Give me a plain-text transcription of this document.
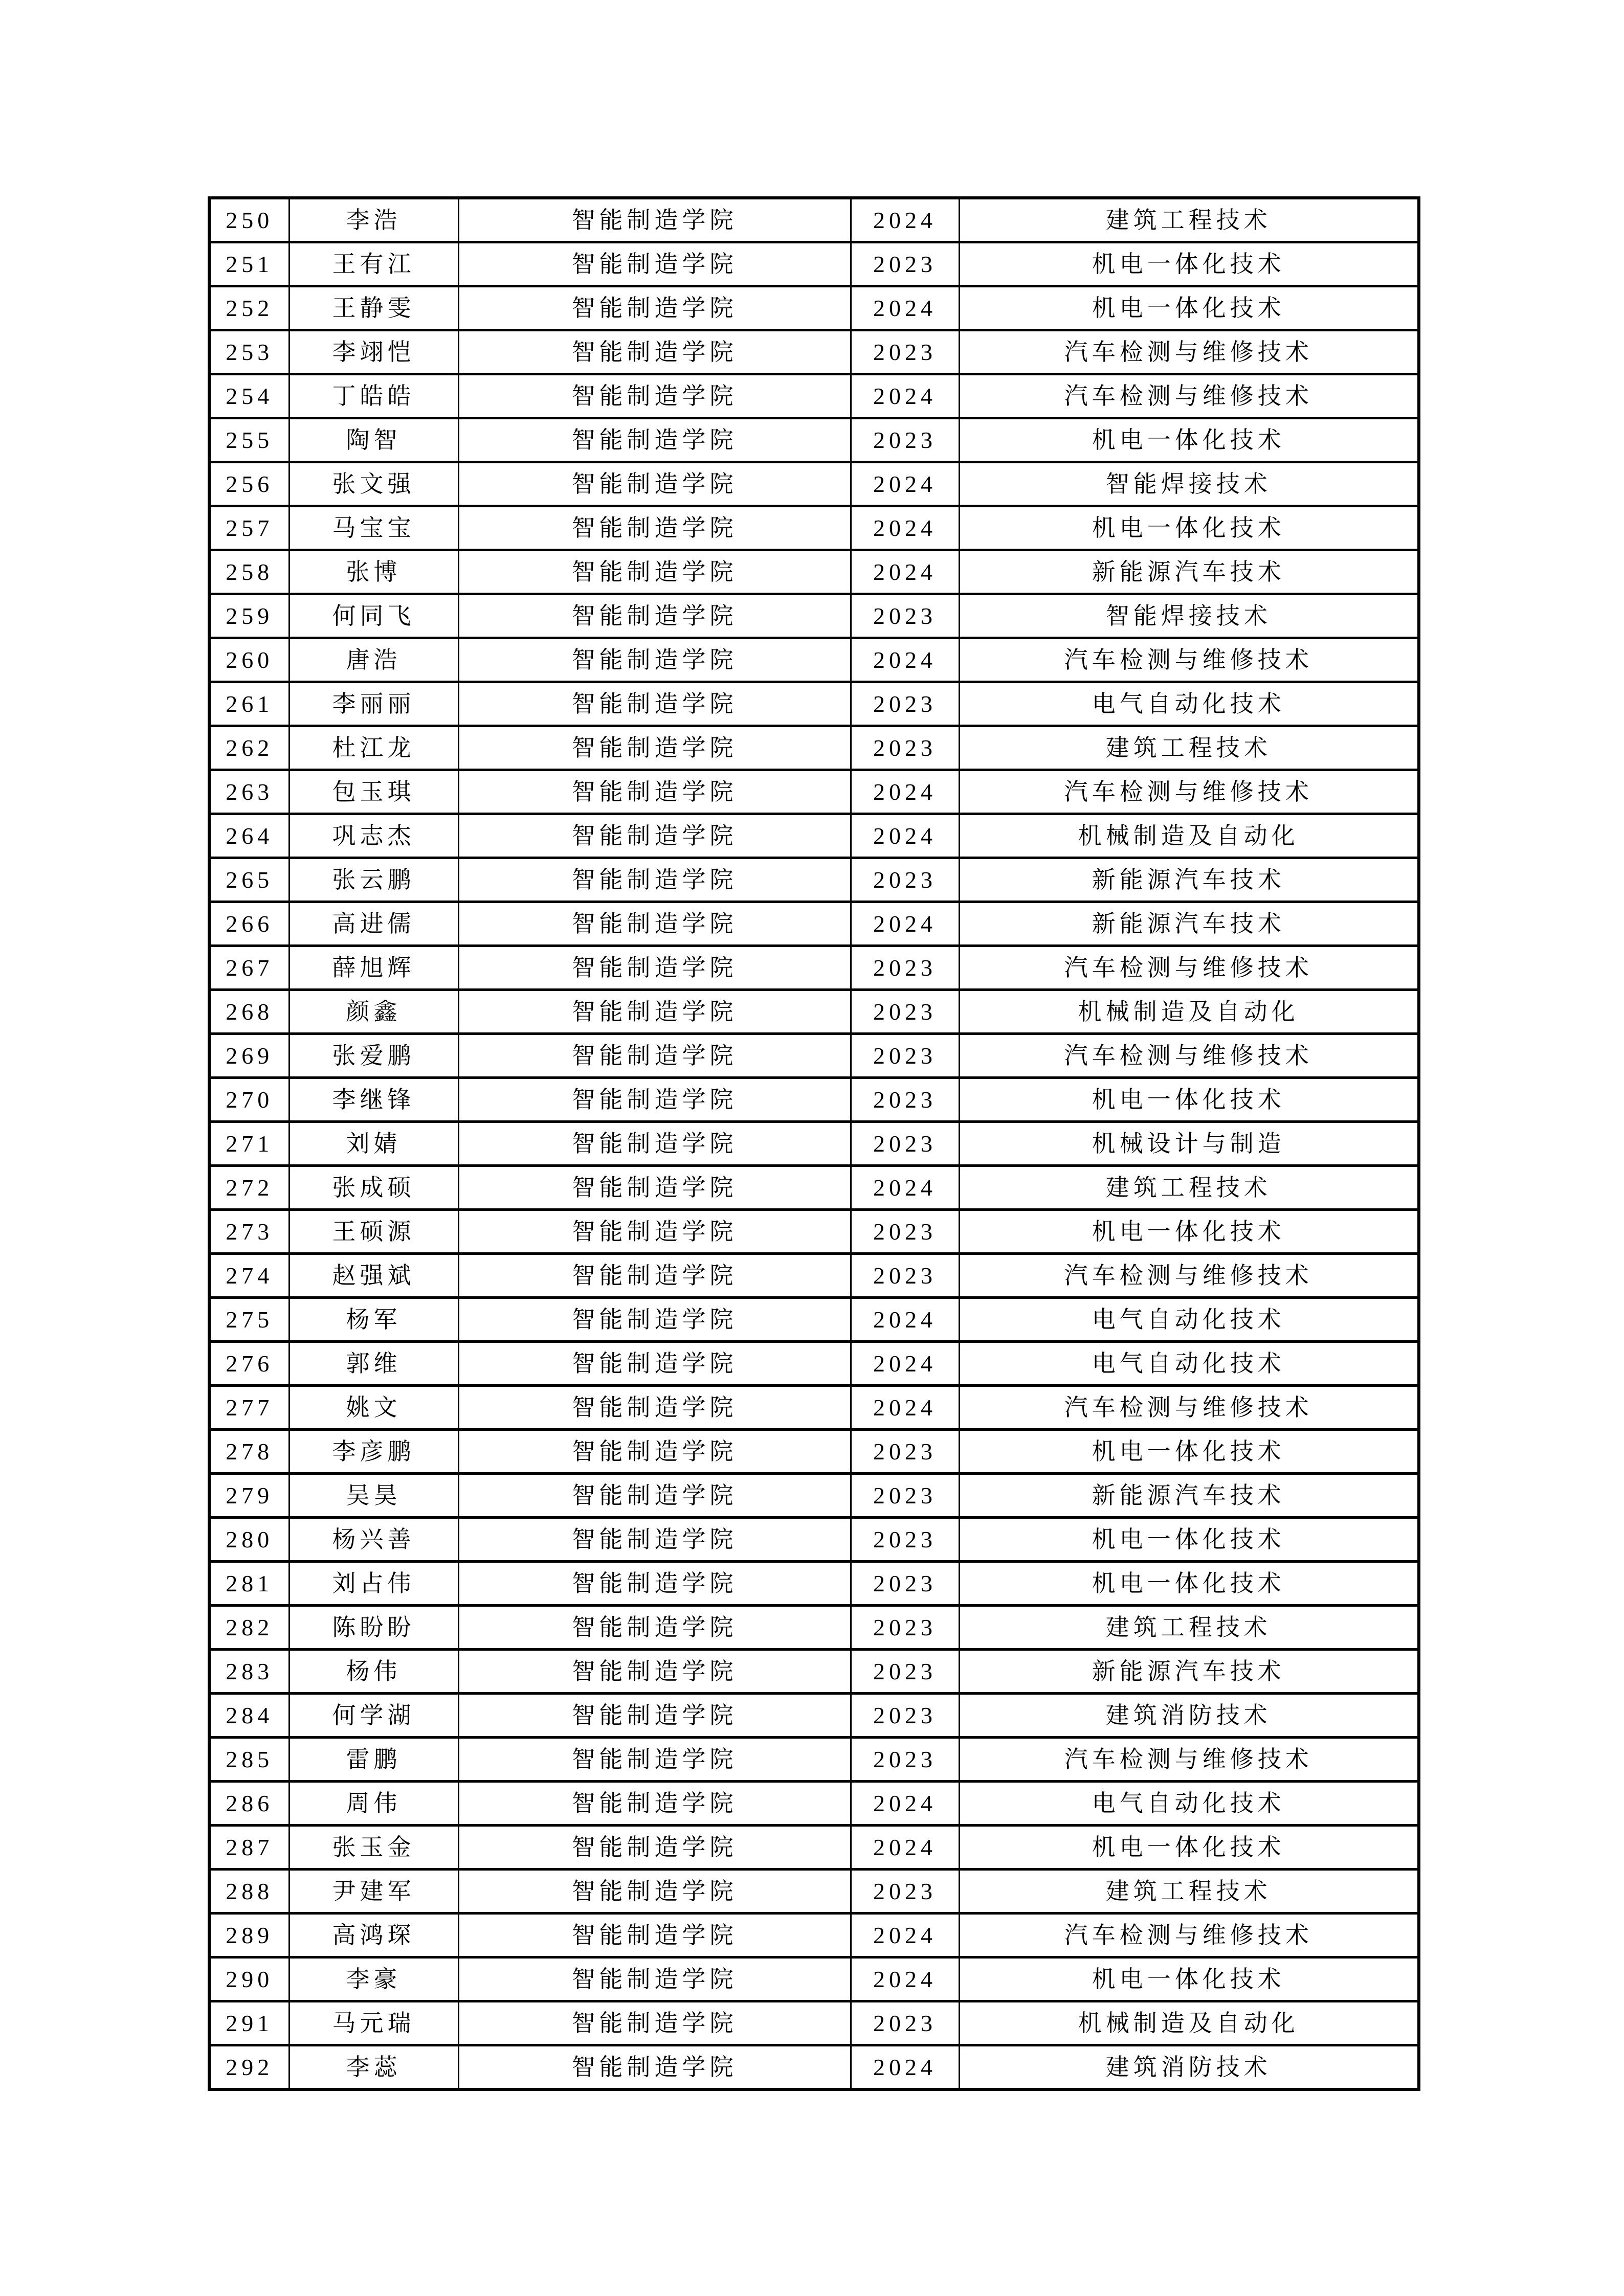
250	李浩	智能制造学院	2024	建筑工程技术
251	王有江	智能制造学院	2023	机电一体化技术
252	王静雯	智能制造学院	2024	机电一体化技术
253	李翊恺	智能制造学院	2023	汽车检测与维修技术
254	丁皓皓	智能制造学院	2024	汽车检测与维修技术
255	陶智	智能制造学院	2023	机电一体化技术
256	张文强	智能制造学院	2024	智能焊接技术
257	马宝宝	智能制造学院	2024	机电一体化技术
258	张博	智能制造学院	2024	新能源汽车技术
259	何同飞	智能制造学院	2023	智能焊接技术
260	唐浩	智能制造学院	2024	汽车检测与维修技术
261	李丽丽	智能制造学院	2023	电气自动化技术
262	杜江龙	智能制造学院	2023	建筑工程技术
263	包玉琪	智能制造学院	2024	汽车检测与维修技术
264	巩志杰	智能制造学院	2024	机械制造及自动化
265	张云鹏	智能制造学院	2023	新能源汽车技术
266	高进儒	智能制造学院	2024	新能源汽车技术
267	薛旭辉	智能制造学院	2023	汽车检测与维修技术
268	颜鑫	智能制造学院	2023	机械制造及自动化
269	张爱鹏	智能制造学院	2023	汽车检测与维修技术
270	李继锋	智能制造学院	2023	机电一体化技术
271	刘婧	智能制造学院	2023	机械设计与制造
272	张成硕	智能制造学院	2024	建筑工程技术
273	王硕源	智能制造学院	2023	机电一体化技术
274	赵强斌	智能制造学院	2023	汽车检测与维修技术
275	杨军	智能制造学院	2024	电气自动化技术
276	郭维	智能制造学院	2024	电气自动化技术
277	姚文	智能制造学院	2024	汽车检测与维修技术
278	李彦鹏	智能制造学院	2023	机电一体化技术
279	吴昊	智能制造学院	2023	新能源汽车技术
280	杨兴善	智能制造学院	2023	机电一体化技术
281	刘占伟	智能制造学院	2023	机电一体化技术
282	陈盼盼	智能制造学院	2023	建筑工程技术
283	杨伟	智能制造学院	2023	新能源汽车技术
284	何学湖	智能制造学院	2023	建筑消防技术
285	雷鹏	智能制造学院	2023	汽车检测与维修技术
286	周伟	智能制造学院	2024	电气自动化技术
287	张玉金	智能制造学院	2024	机电一体化技术
288	尹建军	智能制造学院	2023	建筑工程技术
289	高鸿琛	智能制造学院	2024	汽车检测与维修技术
290	李豪	智能制造学院	2024	机电一体化技术
291	马元瑞	智能制造学院	2023	机械制造及自动化
292	李蕊	智能制造学院	2024	建筑消防技术
